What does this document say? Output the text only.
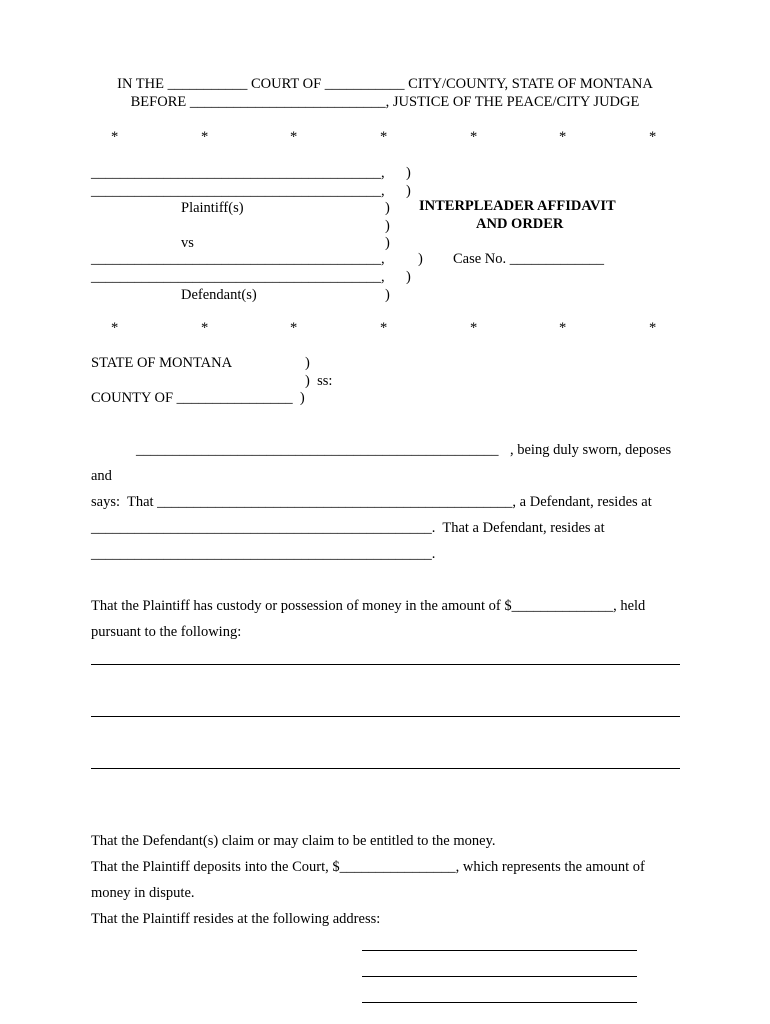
IN THE ___________ COURT OF ___________ CITY/COUNTY, STATE OF MONTANA
BEFORE ___________________________, JUSTICE OF THE PEACE/CITY JUDGE
*	*	*	*	*	*	*
________________________________________, )
________________________________________, )
Plaintiff(s)	) INTERPLEADER AFFIDAVIT
)	AND ORDER
vs	)
________________________________________, ) Case No. _____________
________________________________________, )
Defendant(s)	)
*	*	*	*	*	*	*
STATE OF MONTANA	)
)  ss:
COUNTY OF ________________  )
__________________________________________________ , being duly sworn, deposes
and
says:  That _________________________________________________, a Defendant, resides at
_______________________________________________.  That a Defendant, resides at
_______________________________________________.
That the Plaintiff has custody or possession of money in the amount of $______________, held
pursuant to the following:
That the Defendant(s) claim or may claim to be entitled to the money.
That the Plaintiff deposits into the Court, $________________, which represents the amount of
money in dispute.
That the Plaintiff resides at the following address:
